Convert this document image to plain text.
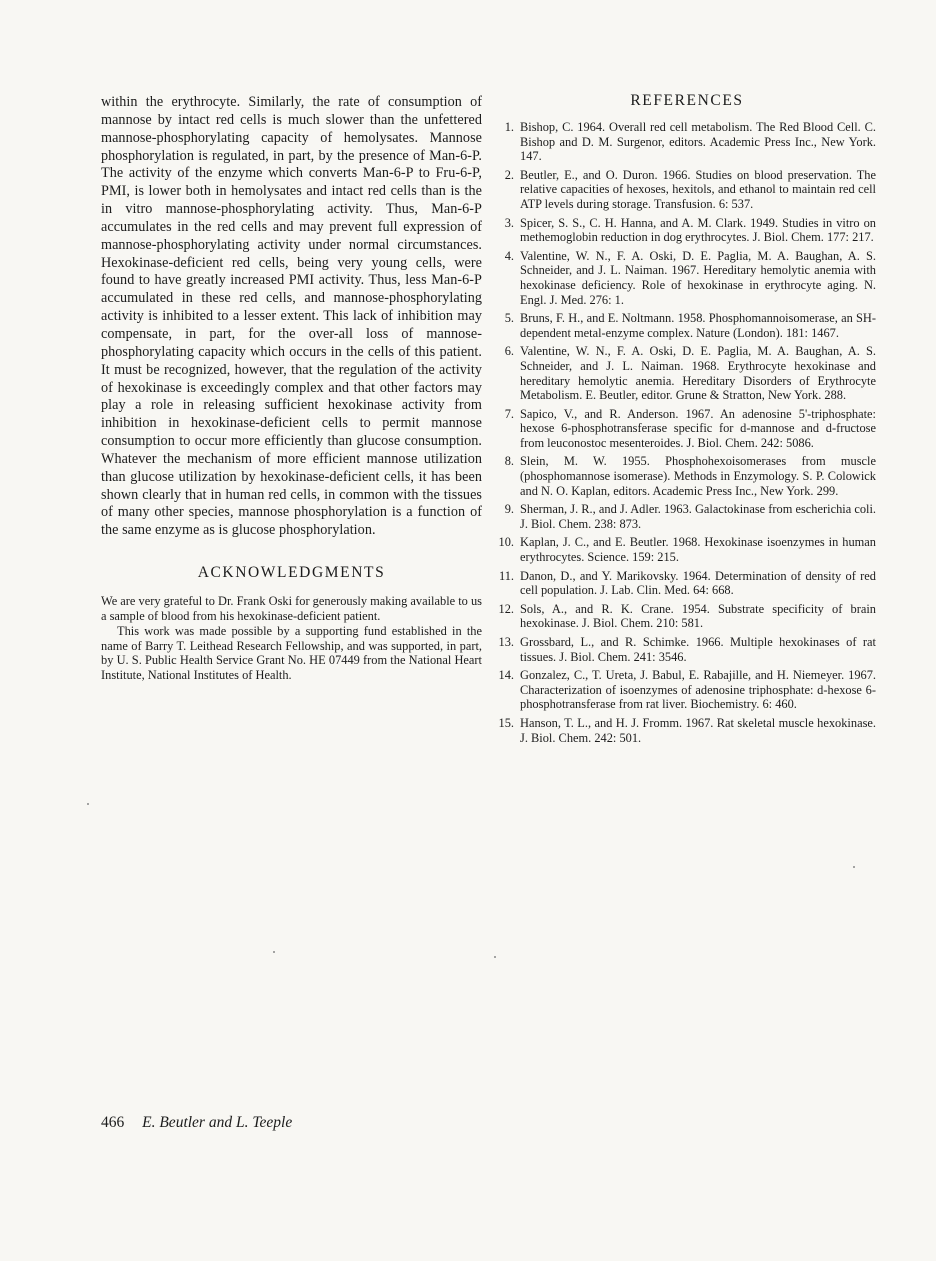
within the erythrocyte. Similarly, the rate of consumption of mannose by intact red cells is much slower than the unfettered mannose-phosphorylating capacity of hemolysates. Mannose phosphorylation is regulated, in part, by the presence of Man-6-P. The activity of the enzyme which converts Man-6-P to Fru-6-P, PMI, is lower both in hemolysates and intact red cells than is the in vitro mannose-phosphorylating activity. Thus, Man-6-P accumulates in the red cells and may prevent full expression of mannose-phosphorylating activity under normal circumstances. Hexokinase-deficient red cells, being very young cells, were found to have greatly increased PMI activity. Thus, less Man-6-P accumulated in these red cells, and mannose-phosphorylating activity is inhibited to a lesser extent. This lack of inhibition may compensate, in part, for the over-all loss of mannose-phosphorylating capacity which occurs in the cells of this patient. It must be recognized, however, that the regulation of the activity of hexokinase is exceedingly complex and that other factors may play a role in releasing sufficient hexokinase activity from inhibition in hexokinase-deficient cells to permit mannose consumption to occur more efficiently than glucose consumption. Whatever the mechanism of more efficient mannose utilization than glucose utilization by hexokinase-deficient cells, it has been shown clearly that in human red cells, in common with the tissues of many other species, mannose phosphorylation is a function of the same enzyme as is glucose phosphorylation.

ACKNOWLEDGMENTS

We are very grateful to Dr. Frank Oski for generously making available to us a sample of blood from his hexokinase-deficient patient.

This work was made possible by a supporting fund established in the name of Barry T. Leithead Research Fellowship, and was supported, in part, by U. S. Public Health Service Grant No. HE 07449 from the National Heart Institute, National Institutes of Health.

REFERENCES
1. Bishop, C. 1964. Overall red cell metabolism. The Red Blood Cell. C. Bishop and D. M. Surgenor, editors. Academic Press Inc., New York. 147.
2. Beutler, E., and O. Duron. 1966. Studies on blood preservation. The relative capacities of hexoses, hexitols, and ethanol to maintain red cell ATP levels during storage. Transfusion. 6: 537.
3. Spicer, S. S., C. H. Hanna, and A. M. Clark. 1949. Studies in vitro on methemoglobin reduction in dog erythrocytes. J. Biol. Chem. 177: 217.
4. Valentine, W. N., F. A. Oski, D. E. Paglia, M. A. Baughan, A. S. Schneider, and J. L. Naiman. 1967. Hereditary hemolytic anemia with hexokinase deficiency. Role of hexokinase in erythrocyte aging. N. Engl. J. Med. 276: 1.
5. Bruns, F. H., and E. Noltmann. 1958. Phosphomannoisomerase, an SH-dependent metal-enzyme complex. Nature (London). 181: 1467.
6. Valentine, W. N., F. A. Oski, D. E. Paglia, M. A. Baughan, A. S. Schneider, and J. L. Naiman. 1968. Erythrocyte hexokinase and hereditary hemolytic anemia. Hereditary Disorders of Erythrocyte Metabolism. E. Beutler, editor. Grune & Stratton, New York. 288.
7. Sapico, V., and R. Anderson. 1967. An adenosine 5'-triphosphate: hexose 6-phosphotransferase specific for d-mannose and d-fructose from leuconostoc mesenteroides. J. Biol. Chem. 242: 5086.
8. Slein, M. W. 1955. Phosphohexoisomerases from muscle (phosphomannose isomerase). Methods in Enzymology. S. P. Colowick and N. O. Kaplan, editors. Academic Press Inc., New York. 299.
9. Sherman, J. R., and J. Adler. 1963. Galactokinase from escherichia coli. J. Biol. Chem. 238: 873.
10. Kaplan, J. C., and E. Beutler. 1968. Hexokinase isoenzymes in human erythrocytes. Science. 159: 215.
11. Danon, D., and Y. Marikovsky. 1964. Determination of density of red cell population. J. Lab. Clin. Med. 64: 668.
12. Sols, A., and R. K. Crane. 1954. Substrate specificity of brain hexokinase. J. Biol. Chem. 210: 581.
13. Grossbard, L., and R. Schimke. 1966. Multiple hexokinases of rat tissues. J. Biol. Chem. 241: 3546.
14. Gonzalez, C., T. Ureta, J. Babul, E. Rabajille, and H. Niemeyer. 1967. Characterization of isoenzymes of adenosine triphosphate: d-hexose 6-phosphotransferase from rat liver. Biochemistry. 6: 460.
15. Hanson, T. L., and H. J. Fromm. 1967. Rat skeletal muscle hexokinase. J. Biol. Chem. 242: 501.
466 E. Beutler and L. Teeple
